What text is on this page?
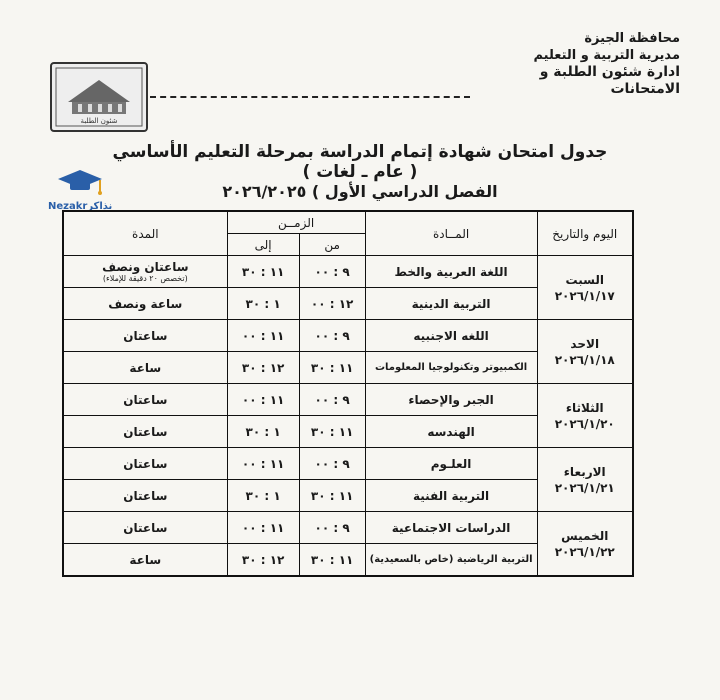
محافظة الجيزة
مديرية التربية و التعليم
ادارة شئون الطلبة و الامتحانات
شئون الطلبة
Nezakrنذاكر
جدول امتحان شهادة إتمام الدراسة بمرحلة التعليم الأساسي ( عام ـ لغات )
الفصل الدراسي الأول ) ٢٠٢٦/٢٠٢٥
اليوم والتاريخ	المــادة	الزمــن		المدة
		من	إلى	

السبت
٢٠٢٦/١/١٧	اللغة العربية والخط	٩ : ٠٠	١١ : ٣٠	ساعتان ونصف
(تخصص ٢٠ دقيقة للإملاء)

	التربية الدينية	١٢ : ٠٠	١ : ٣٠	ساعة ونصف

الاحد
٢٠٢٦/١/١٨	اللغه الاجنبيه	٩ : ٠٠	١١ : ٠٠	ساعتان
	الكمبيوتر وتكنولوجيا المعلومات	١١ : ٣٠	١٢ : ٣٠	ساعة

الثلاثاء
٢٠٢٦/١/٢٠	الجبر والإحصاء	٩ : ٠٠	١١ : ٠٠	ساعتان
	الهندسه	١١ : ٣٠	١ : ٣٠	ساعتان

الاربعاء
٢٠٢٦/١/٢١	العلـوم	٩ : ٠٠	١١ : ٠٠	ساعتان
	التربية الفنية	١١ : ٣٠	١ : ٣٠	ساعتان

الخميس
٢٠٢٦/١/٢٢	الدراسات الاجتماعية	٩ : ٠٠	١١ : ٠٠	ساعتان
	التربية الرياضية (خاص بالسعيدية)	١١ : ٣٠	١٢ : ٣٠	ساعة
